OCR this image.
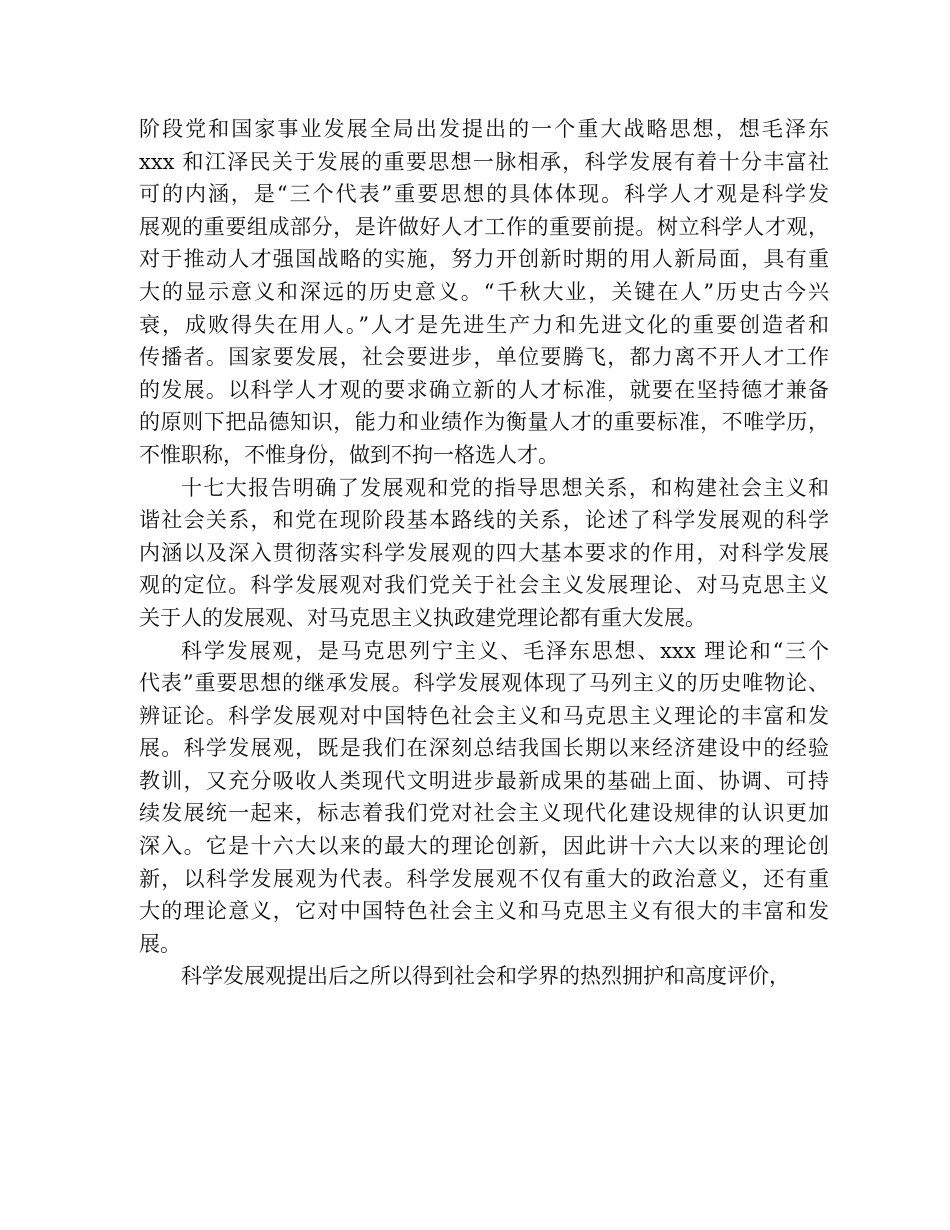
阶段党和国家事业发展全局出发提出的一个重大战略思想，想毛泽东
xxx 和江泽民关于发展的重要思想一脉相承，科学发展有着十分丰富社
可的内涵，是“三个代表”重要思想的具体体现。科学人才观是科学发
展观的重要组成部分，是许做好人才工作的重要前提。树立科学人才观，
对于推动人才强国战略的实施，努力开创新时期的用人新局面，具有重
大的显示意义和深远的历史意义。“千秋大业，关键在人”历史古今兴
衰，成败得失在用人。”人才是先进生产力和先进文化的重要创造者和
传播者。国家要发展，社会要进步，单位要腾飞，都力离不开人才工作
的发展。以科学人才观的要求确立新的人才标准，就要在坚持德才兼备
的原则下把品德知识，能力和业绩作为衡量人才的重要标准，不唯学历，
不惟职称，不惟身份，做到不拘一格选人才。
十七大报告明确了发展观和党的指导思想关系，和构建社会主义和
谐社会关系，和党在现阶段基本路线的关系，论述了科学发展观的科学
内涵以及深入贯彻落实科学发展观的四大基本要求的作用，对科学发展
观的定位。科学发展观对我们党关于社会主义发展理论、对马克思主义
关于人的发展观、对马克思主义执政建党理论都有重大发展。
科学发展观，是马克思列宁主义、毛泽东思想、xxx 理论和“三个
代表”重要思想的继承发展。科学发展观体现了马列主义的历史唯物论、
辨证论。科学发展观对中国特色社会主义和马克思主义理论的丰富和发
展。科学发展观，既是我们在深刻总结我国长期以来经济建设中的经验
教训，又充分吸收人类现代文明进步最新成果的基础上面、协调、可持
续发展统一起来，标志着我们党对社会主义现代化建设规律的认识更加
深入。它是十六大以来的最大的理论创新，因此讲十六大以来的理论创
新，以科学发展观为代表。科学发展观不仅有重大的政治意义，还有重
大的理论意义，它对中国特色社会主义和马克思主义有很大的丰富和发
展。
科学发展观提出后之所以得到社会和学界的热烈拥护和高度评价，
